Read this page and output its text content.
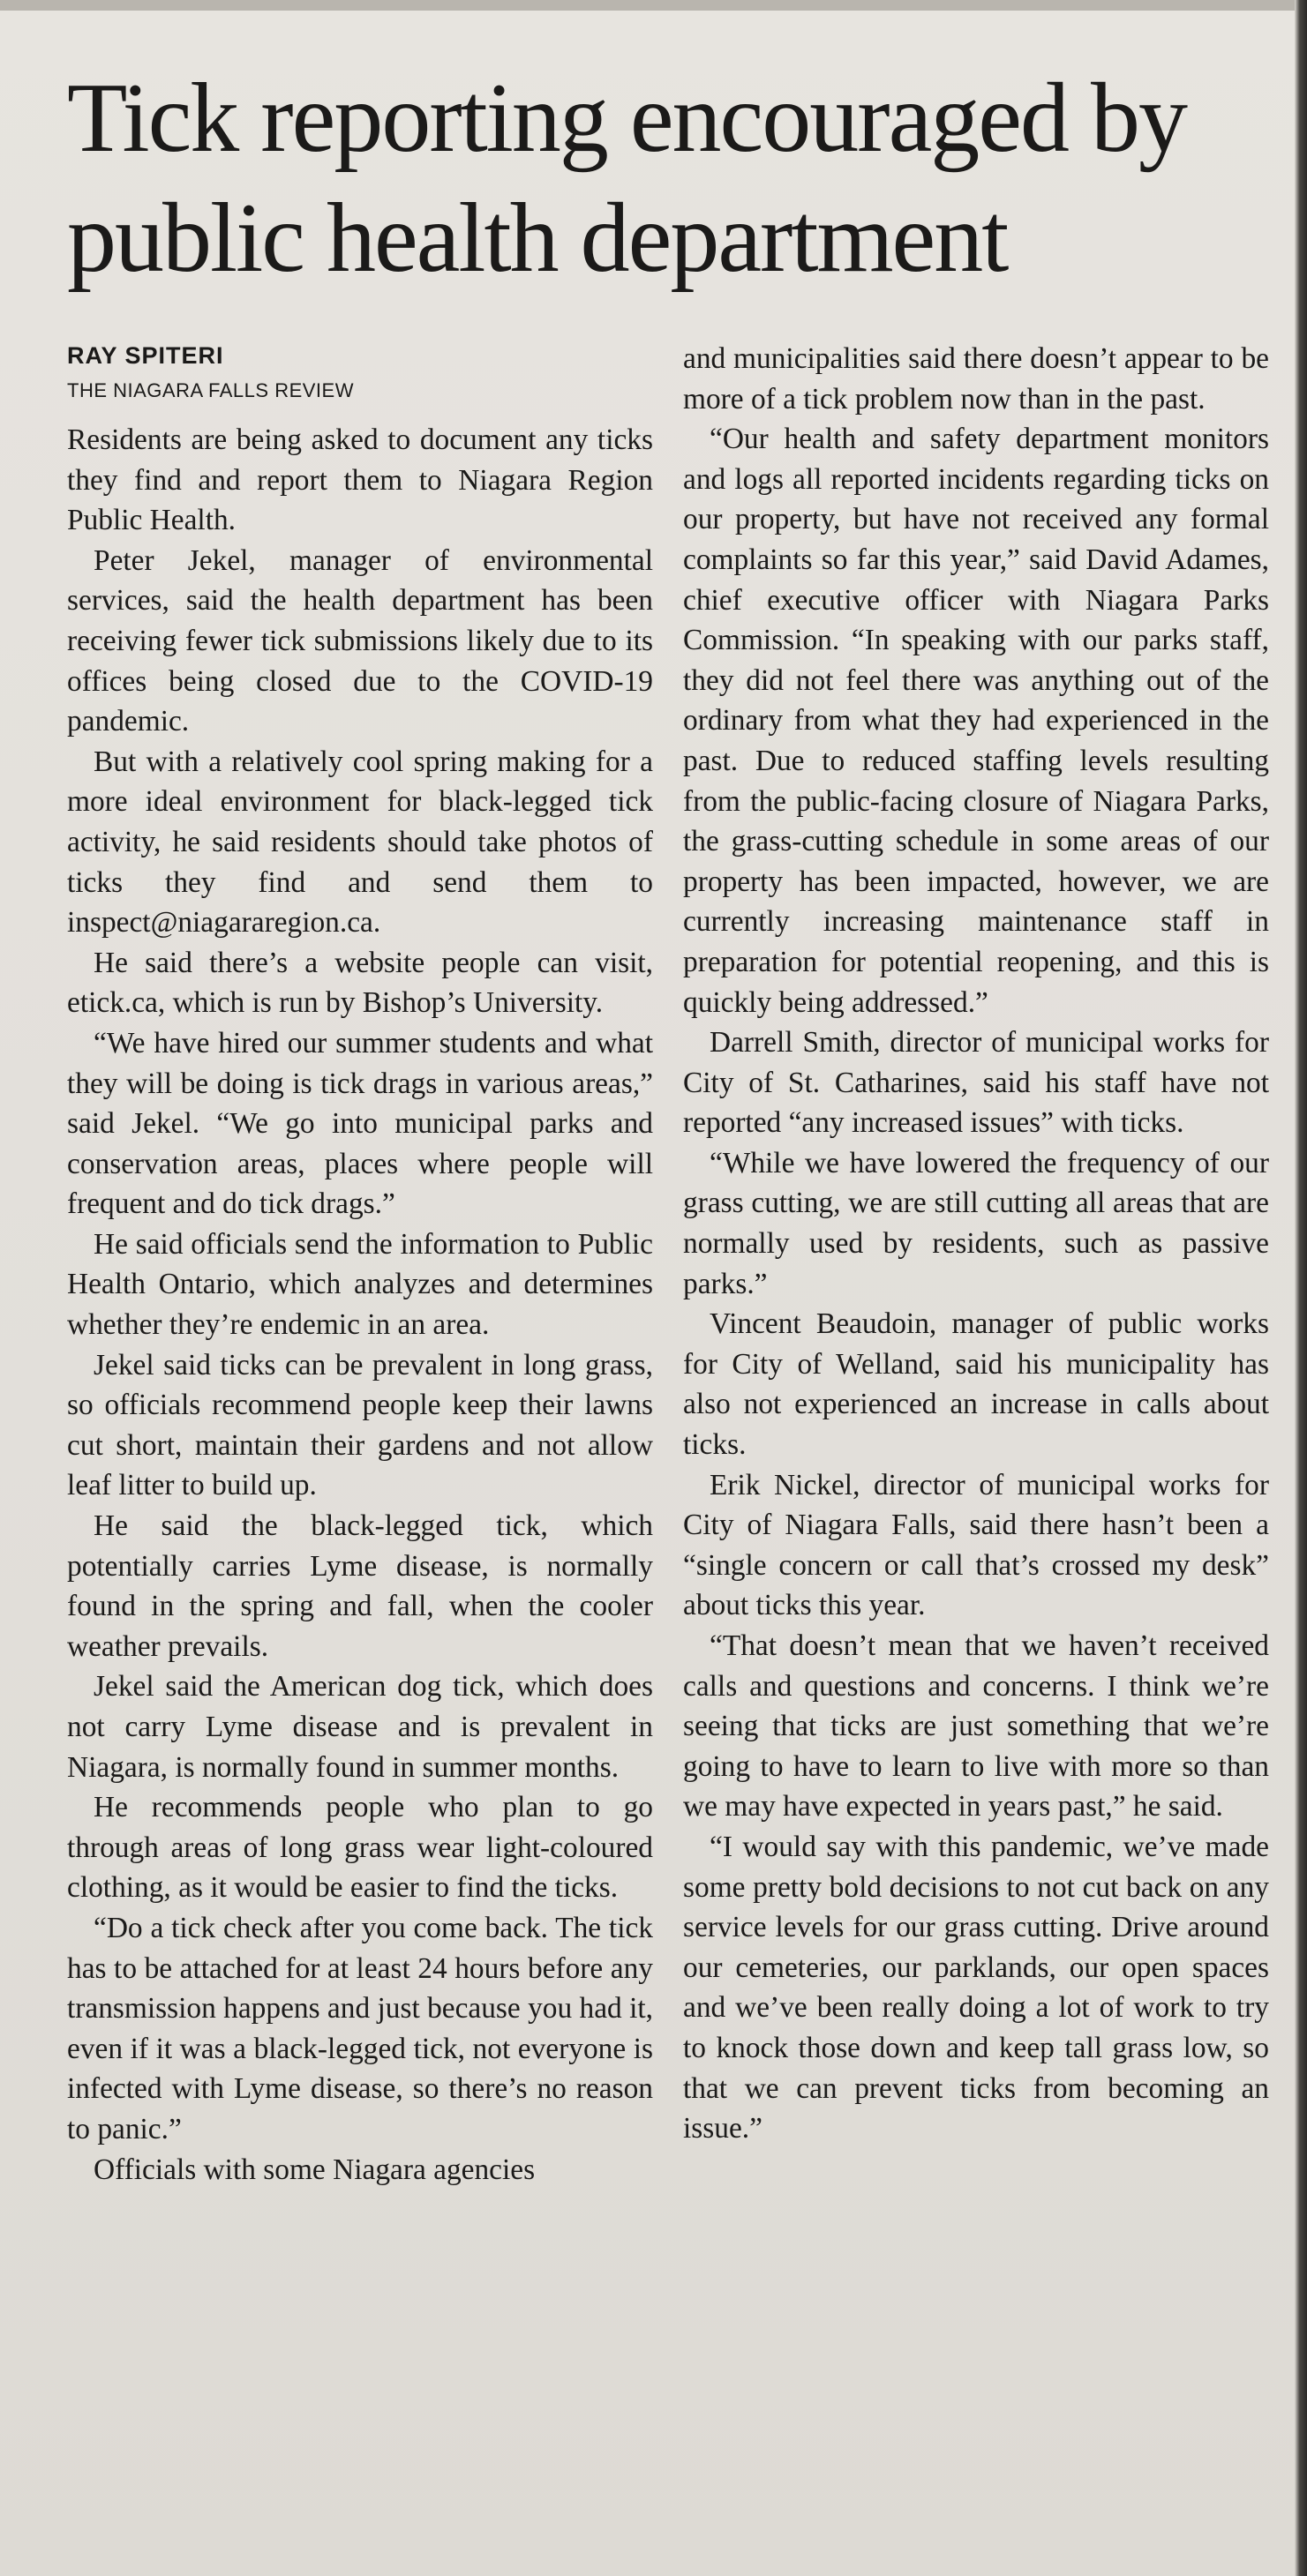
Tick reporting encouraged by public health department
RAY SPITERI
THE NIAGARA FALLS REVIEW

Residents are being asked to document any ticks they find and report them to Niagara Region Public Health.

Peter Jekel, manager of environmental services, said the health department has been receiving fewer tick submissions likely due to its offices being closed due to the COVID-19 pandemic.

But with a relatively cool spring making for a more ideal environment for black-legged tick activity, he said residents should take photos of ticks they find and send them to inspect@niagararegion.ca.

He said there’s a website people can visit, etick.ca, which is run by Bishop’s University.

“We have hired our summer students and what they will be doing is tick drags in various areas,” said Jekel. “We go into municipal parks and conservation areas, places where people will frequent and do tick drags.”

He said officials send the information to Public Health Ontario, which analyzes and determines whether they’re endemic in an area.

Jekel said ticks can be prevalent in long grass, so officials recommend people keep their lawns cut short, maintain their gardens and not allow leaf litter to build up.

He said the black-legged tick, which potentially carries Lyme disease, is normally found in the spring and fall, when the cooler weather prevails.

Jekel said the American dog tick, which does not carry Lyme disease and is prevalent in Niagara, is normally found in summer months.

He recommends people who plan to go through areas of long grass wear light-coloured clothing, as it would be easier to find the ticks.

“Do a tick check after you come back. The tick has to be attached for at least 24 hours before any transmission happens and just because you had it, even if it was a black-legged tick, not everyone is infected with Lyme disease, so there’s no reason to panic.”

Officials with some Niagara agencies

and municipalities said there doesn’t appear to be more of a tick problem now than in the past.

“Our health and safety department monitors and logs all reported incidents regarding ticks on our property, but have not received any formal complaints so far this year,” said David Adames, chief executive officer with Niagara Parks Commission. “In speaking with our parks staff, they did not feel there was anything out of the ordinary from what they had experienced in the past. Due to reduced staffing levels resulting from the public-facing closure of Niagara Parks, the grass-cutting schedule in some areas of our property has been impacted, however, we are currently increasing maintenance staff in preparation for potential reopening, and this is quickly being addressed.”

Darrell Smith, director of municipal works for City of St. Catharines, said his staff have not reported “any increased issues” with ticks.

“While we have lowered the frequency of our grass cutting, we are still cutting all areas that are normally used by residents, such as passive parks.”

Vincent Beaudoin, manager of public works for City of Welland, said his municipality has also not experienced an increase in calls about ticks.

Erik Nickel, director of municipal works for City of Niagara Falls, said there hasn’t been a “single concern or call that’s crossed my desk” about ticks this year.

“That doesn’t mean that we haven’t received calls and questions and concerns. I think we’re seeing that ticks are just something that we’re going to have to learn to live with more so than we may have expected in years past,” he said.

“I would say with this pandemic, we’ve made some pretty bold decisions to not cut back on any service levels for our grass cutting. Drive around our cemeteries, our parklands, our open spaces and we’ve been really doing a lot of work to try to knock those down and keep tall grass low, so that we can prevent ticks from becoming an issue.”
